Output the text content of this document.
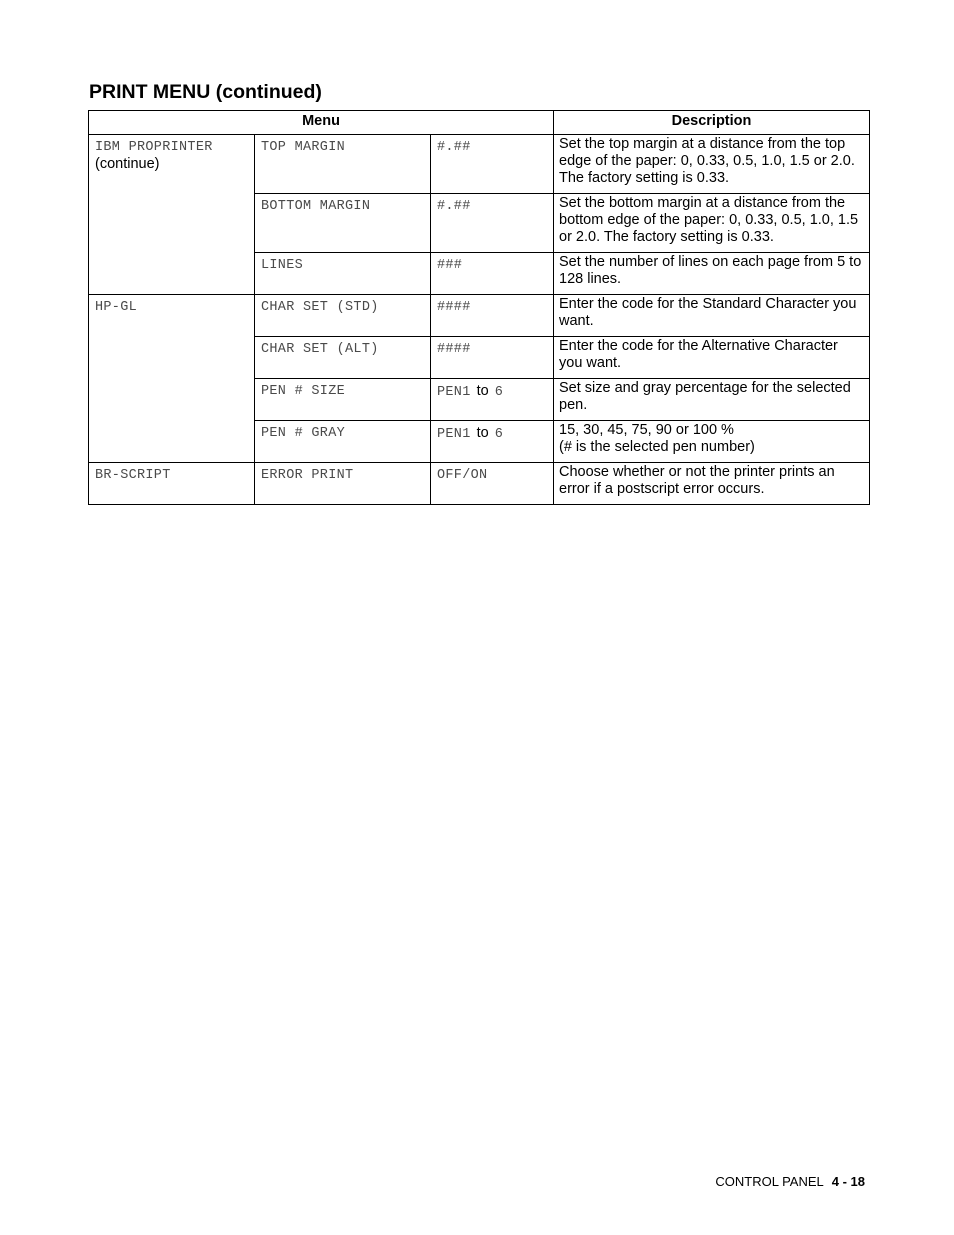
PRINT MENU (continued)
Menu			Description

IBM PROPRINTER
(continue)	TOP MARGIN	#.##	Set the top margin at a distance from the top edge of the paper: 0, 0.33, 0.5, 1.0, 1.5 or 2.0. The factory setting is 0.33.

	BOTTOM MARGIN	#.##	Set the bottom margin at a distance from the bottom edge of the paper: 0, 0.33, 0.5, 1.0, 1.5 or 2.0. The factory setting is 0.33.

	LINES	###	Set the number of lines on each page from 5 to 128 lines.

HP-GL	CHAR SET (STD)	####	Enter the code for the Standard Character you want.

	CHAR SET (ALT)	####	Enter the code for the Alternative Character you want.

	PEN # SIZE	PEN1 to 6	Set size and gray percentage for the selected pen.

	PEN # GRAY	PEN1 to 6	15, 30, 45, 75, 90 or 100 %
(# is the selected pen number)

BR-SCRIPT	ERROR PRINT	OFF/ON	Choose whether or not the printer prints an error if a postscript error occurs.
CONTROL PANEL 4 - 18
